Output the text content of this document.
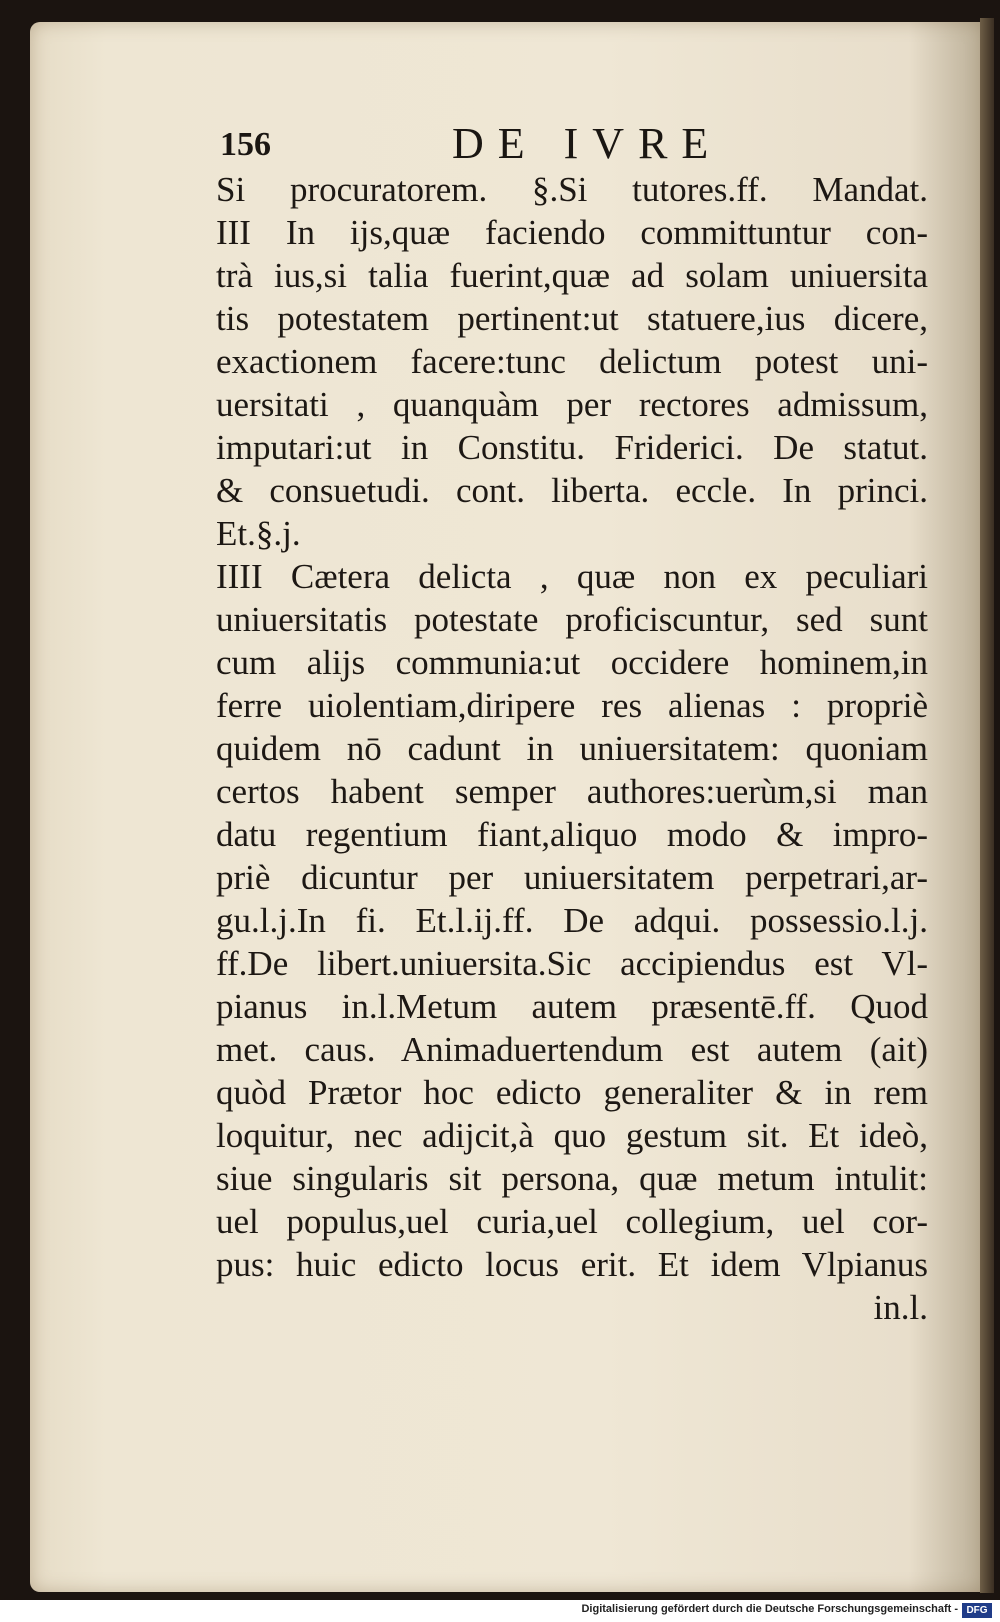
156	DE IVRE
Si procuratorem. §.Si tutores.ff. Mandat.
III In ijs,quæ faciendo committuntur con-
trà ius,si talia fuerint,quæ ad solam uniuersita
tis potestatem pertinent:ut statuere,ius dicere,
exactionem facere:tunc delictum potest uni-
uersitati , quanquàm per rectores admissum,
imputari:ut in Constitu. Friderici. De statut.
& consuetudi. cont. liberta. eccle. In princi.
Et.§.j.
IIII Cætera delicta , quæ non ex peculiari
uniuersitatis potestate proficiscuntur, sed sunt
cum alijs communia:ut occidere hominem,in
ferre uiolentiam,diripere res alienas : propriè
quidem nō cadunt in uniuersitatem: quoniam
certos habent semper authores:uerùm,si man
datu regentium fiant,aliquo modo & impro-
priè dicuntur per uniuersitatem perpetrari,ar-
gu.l.j.In fi. Et.l.ij.ff. De adqui. possessio.l.j.
ff.De libert.uniuersita.Sic accipiendus est Vl-
pianus in.l.Metum autem præsentē.ff. Quod
met. caus. Animaduertendum est autem (ait)
quòd Prætor hoc edicto generaliter & in rem
loquitur, nec adijcit,à quo gestum sit. Et ideò,
siue singularis sit persona, quæ metum intulit:
uel populus,uel curia,uel collegium, uel cor-
pus: huic edicto locus erit. Et idem Vlpianus
in.l.
Digitalisierung gefördert durch die Deutsche Forschungsgemeinschaft - DFG
